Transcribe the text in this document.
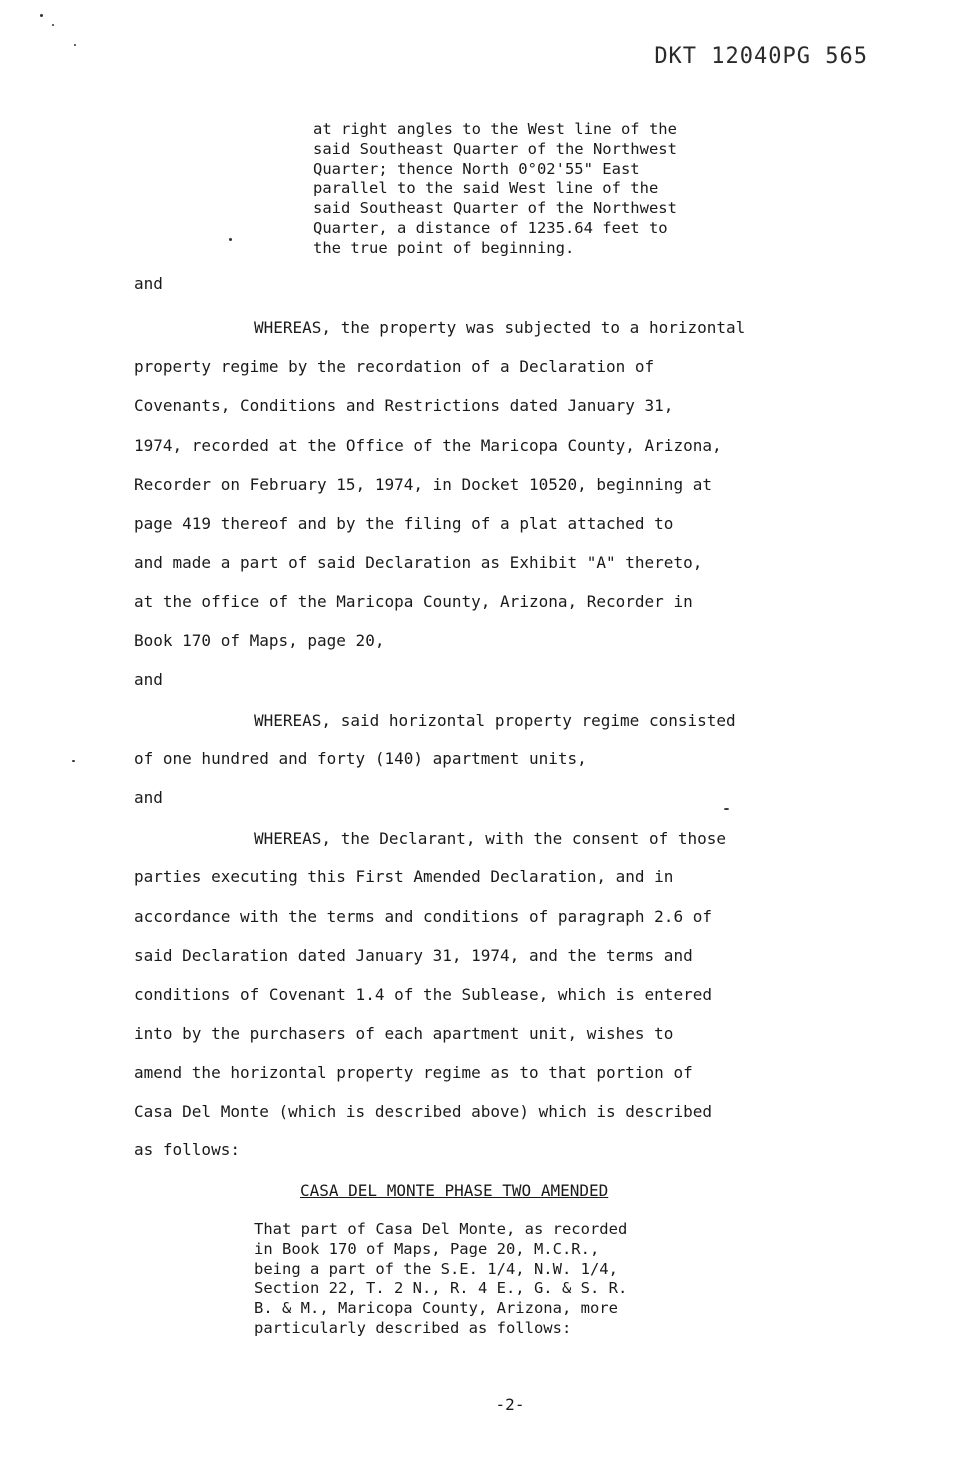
DKT 12040PG 565
at right angles to the West line of the
said Southeast Quarter of the Northwest
Quarter; thence North 0°02'55" East
parallel to the said West line of the
said Southeast Quarter of the Northwest
Quarter, a distance of 1235.64 feet to
the true point of beginning.
and
WHEREAS, the property was subjected to a horizontal
property regime by the recordation of a Declaration of
Covenants, Conditions and Restrictions dated January 31,
1974, recorded at the Office of the Maricopa County, Arizona,
Recorder on February 15, 1974, in Docket 10520, beginning at
page 419 thereof and by the filing of a plat attached to
and made a part of said Declaration as Exhibit "A" thereto,
at the office of the Maricopa County, Arizona, Recorder in
Book 170 of Maps, page 20,
and
WHEREAS, said horizontal property regime consisted
of one hundred and forty (140) apartment units,
and
WHEREAS, the Declarant, with the consent of those
parties executing this First Amended Declaration, and in
accordance with the terms and conditions of paragraph 2.6 of
said Declaration dated January 31, 1974, and the terms and
conditions of Covenant 1.4 of the Sublease, which is entered
into by the purchasers of each apartment unit, wishes to
amend the horizontal property regime as to that portion of
Casa Del Monte (which is described above) which is described
as follows:
CASA DEL MONTE PHASE TWO AMENDED
That part of Casa Del Monte, as recorded
in Book 170 of Maps, Page 20, M.C.R.,
being a part of the S.E. 1/4, N.W. 1/4,
Section 22, T. 2 N., R. 4 E., G. & S. R.
B. & M., Maricopa County, Arizona, more
particularly described as follows:
-2-
